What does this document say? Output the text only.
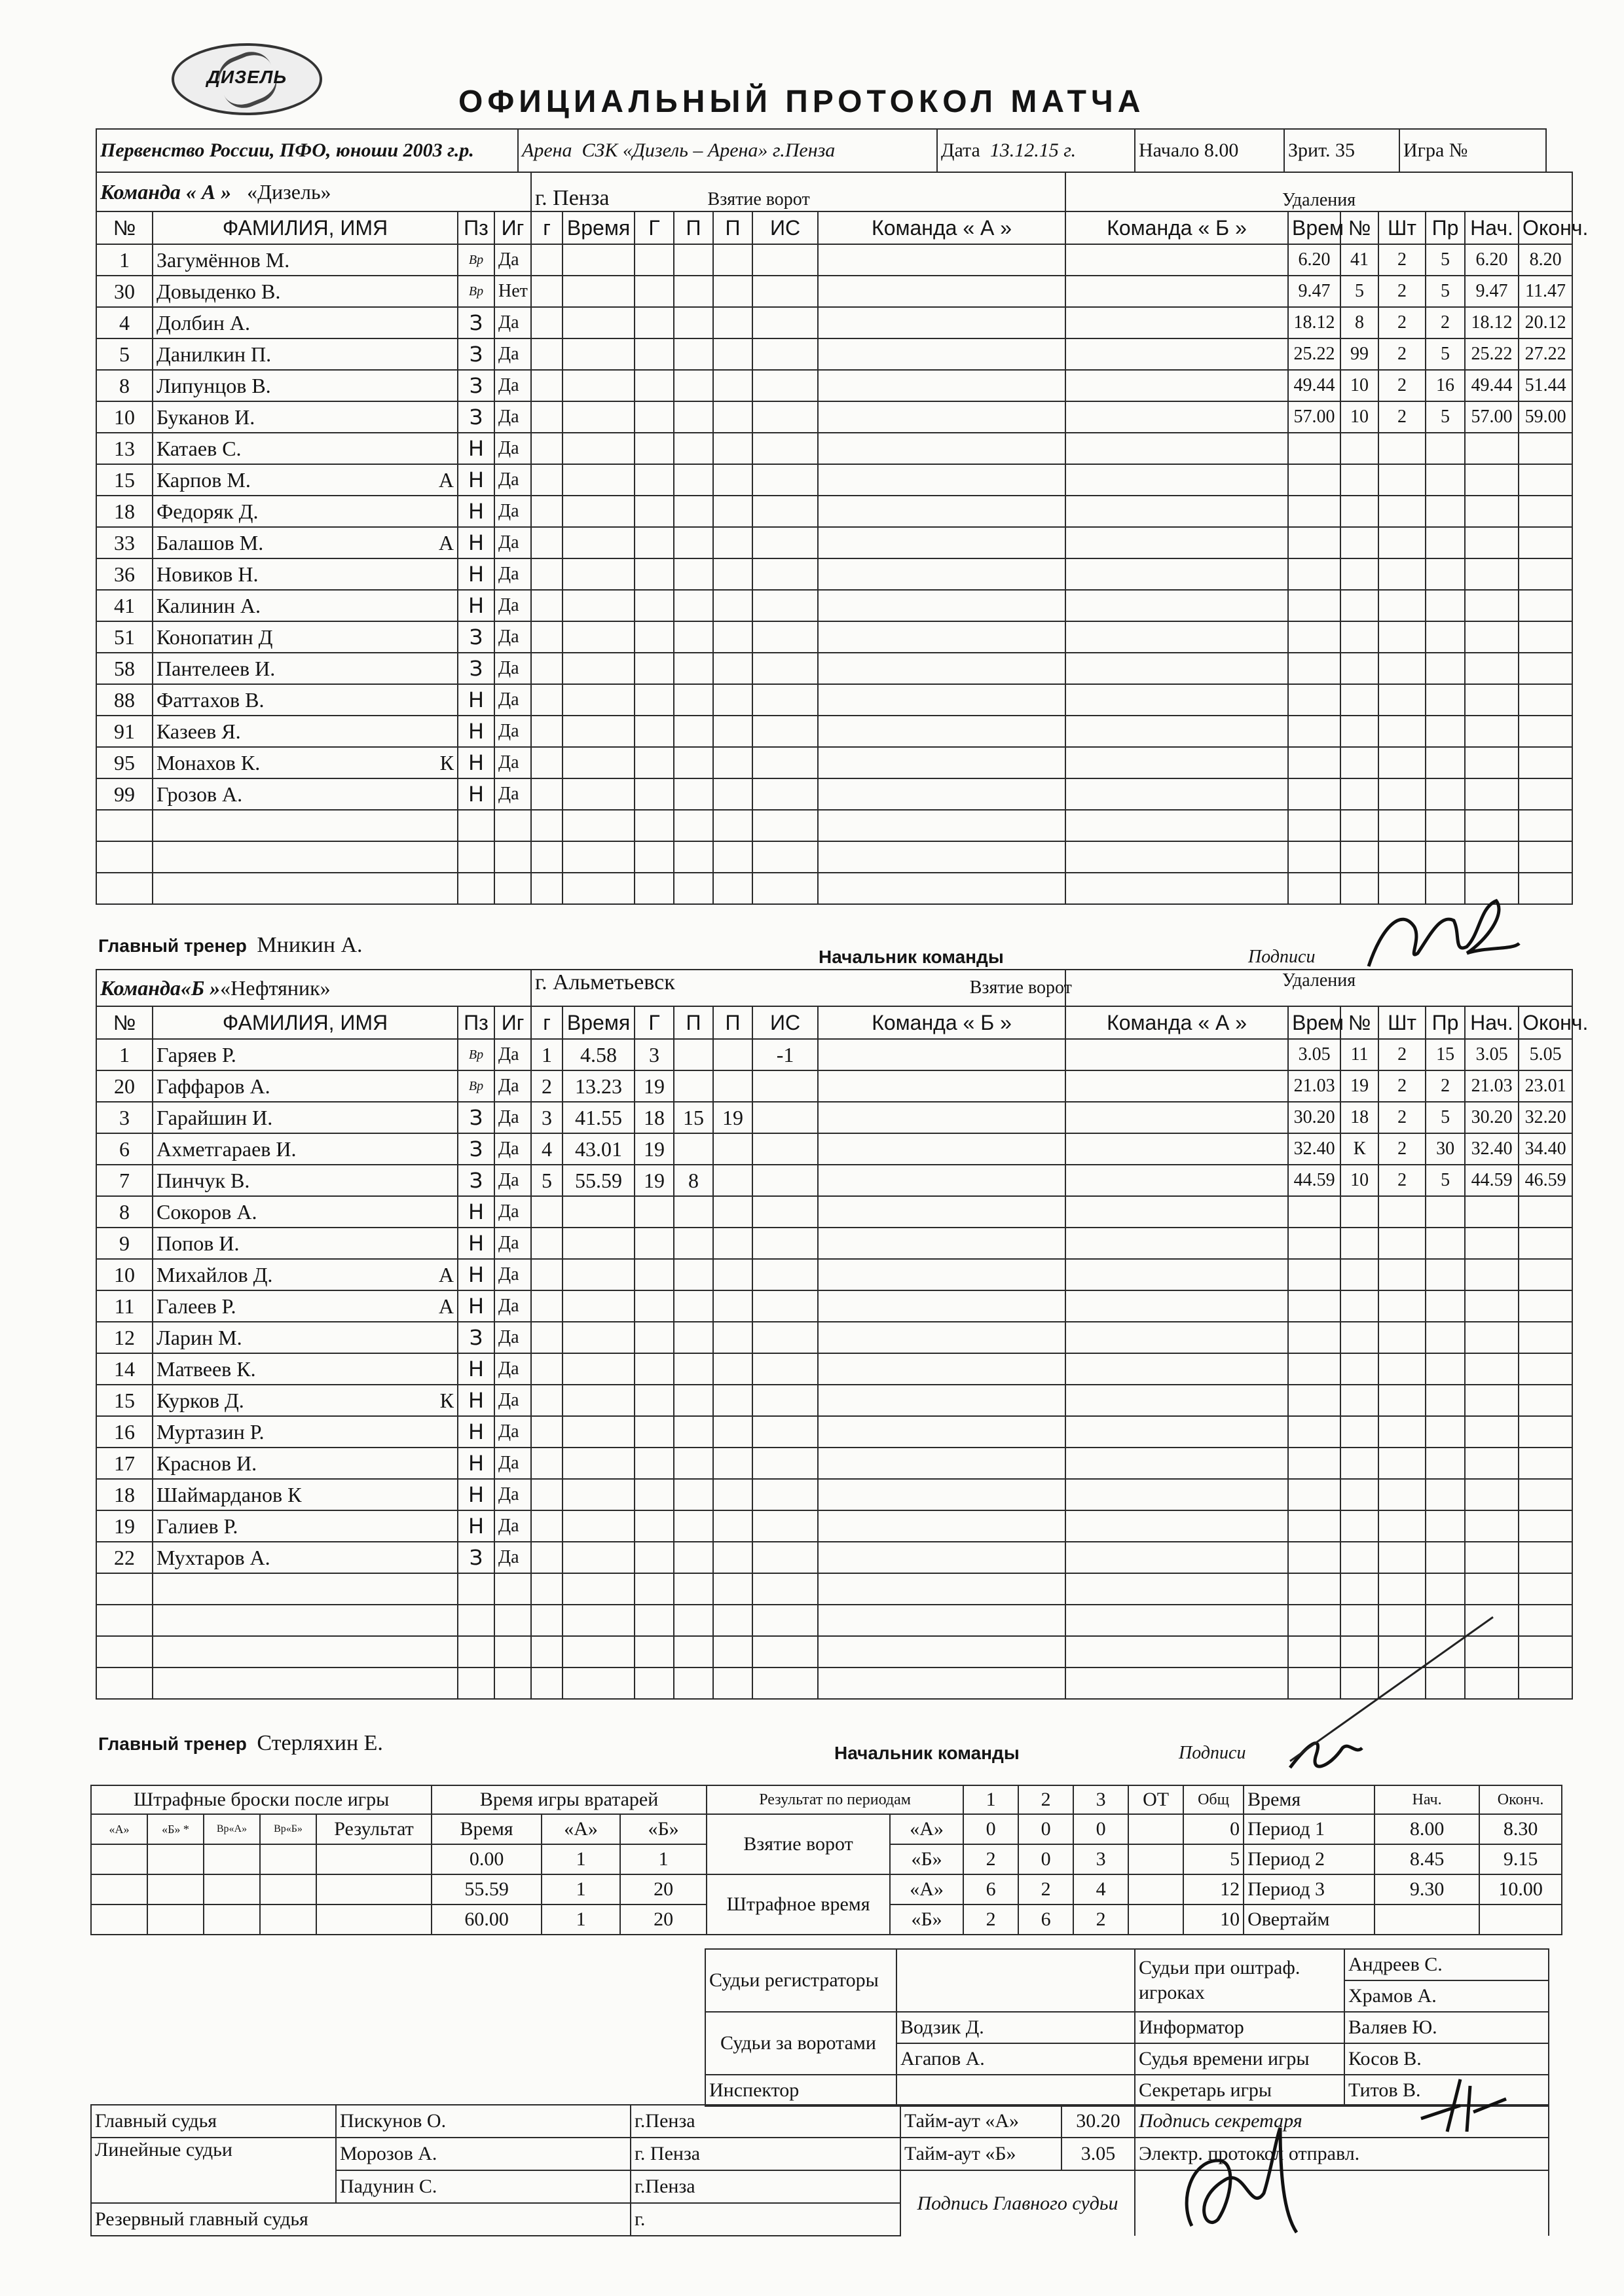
ДИЗЕЛЬ
ОФИЦИАЛЬНЫЙ ПРОТОКОЛ МАТЧА
Первенство России, ПФО, юноши 2003 г.р.	Арена СЗК «Дизель – Арена» г.Пенза	Дата 13.12.15 г.	Начало 8.00	Зрит. 35	Игра №
Команда « А » «Дизель»				г. Пенза Взятие ворот							Удаления						
№	ФАМИЛИЯ, ИМЯ	Пз	Иг	г	Время	Г	П	П	ИС	Команда « А »	Команда « Б »	Врем	№	Шт	Пр	Нач.	Оконч.
1	Загумённов М.	Вр	Да									6.20	41	2	5	6.20	8.20
30	Довыденко В.	Вр	Нет									9.47	5	2	5	9.47	11.47
4	Долбин А.	З	Да									18.12	8	2	2	18.12	20.12
5	Данилкин П.	З	Да									25.22	99	2	5	25.22	27.22
8	Липунцов В.	З	Да									49.44	10	2	16	49.44	51.44
10	Буканов И.	З	Да									57.00	10	2	5	57.00	59.00
13	Катаев С.	Н	Да														
15	Карпов М. А	Н	Да														
18	Федоряк Д.	Н	Да														
33	Балашов М. А	Н	Да														
36	Новиков Н.	Н	Да														
41	Калинин А.	Н	Да														
51	Конопатин Д	З	Да														
58	Пантелеев И.	З	Да														
88	Фаттахов В.	Н	Да														
91	Казеев Я.	Н	Да														
95	Монахов К. К	Н	Да														
99	Грозов А.	Н	Да														

Главный тренер Мникин А.	Начальник команды	Подписи
Команда«Б »«Нефтяник»				г. Альметьевск Взятие ворот							Удаления						
№	ФАМИЛИЯ, ИМЯ	Пз	Иг	г	Время	Г	П	П	ИС	Команда « Б »	Команда « А »	Врем	№	Шт	Пр	Нач.	Оконч.
1	Гаряев Р.	Вр	Да	1	4.58	3			-1			3.05	11	2	15	3.05	5.05
20	Гаффаров А.	Вр	Да	2	13.23	19						21.03	19	2	2	21.03	23.01
3	Гарайшин И.	З	Да	3	41.55	18	15	19				30.20	18	2	5	30.20	32.20
6	Ахметгараев И.	З	Да	4	43.01	19						32.40	К	2	30	32.40	34.40
7	Пинчук В.	З	Да	5	55.59	19	8					44.59	10	2	5	44.59	46.59
8	Сокоров А.	Н	Да														
9	Попов И.	Н	Да														
10	Михайлов Д. А	Н	Да														
11	Галеев Р. А	Н	Да														
12	Ларин М.	З	Да														
14	Матвеев К.	Н	Да														
15	Курков Д. К	Н	Да														
16	Муртазин Р.	Н	Да														
17	Краснов И.	Н	Да														
18	Шаймарданов К	Н	Да														
19	Галиев Р.	Н	Да														
22	Мухтаров А.	З	Да														

Главный тренер Стерляхин Е.	Начальник команды	Подписи
Штрафные броски после игры					Время игры вратарей			Результат по периодам		1	2	3	ОТ	Общ	Время	Нач.	Оконч.
«А»	«Б» *	Вр«А»	Вр«Б»	Результат	Время	«А»	«Б»	Взятие ворот	«А»	0	0	0		0	Период 1	8.00	8.30
					0.00	1	1		«Б»	2	0	3		5	Период 2	8.45	9.15
					55.59	1	20	Штрафное время	«А»	6	2	4		12	Период 3	9.30	10.00
					60.00	1	20		«Б»	2	6	2		10	Овертайм		
Судьи регистраторы		Судьи при оштраф. игроках	Андреев С.
			Храмов А.
Судьи за воротами	Водзик Д.	Информатор	Валяев Ю.
	Агапов А.	Судья времени игры	Косов В.
Инспектор		Секретарь игры	Титов В.
Главный судья	Пискунов О.	г.Пенза	Тайм-аут «А»	30.20	Подпись секретаря
Линейные судьи	Морозов А.	г. Пенза	Тайм-аут «Б»	3.05	Электр. протокол отправл.
	Падунин С.	г.Пенза	Подпись Главного судьи		
Резервный главный судья		г.			
